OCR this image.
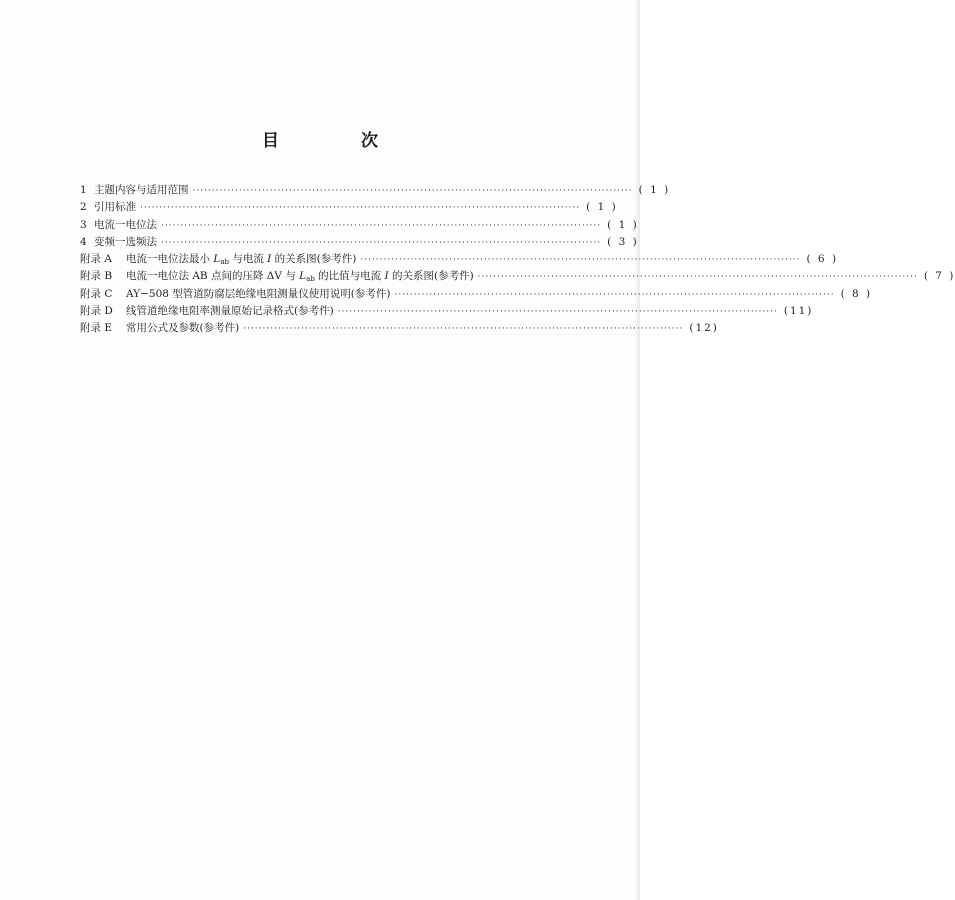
目 次
1 主题内容与适用范围 ·················································································································· ( 1 )
2 引用标准 ·················································································································· ( 1 )
3 电流一电位法 ·················································································································· ( 1 )
4 变频一选频法 ·················································································································· ( 3 )
附录 A	电流一电位法最小 $L_{ab}$ 与电流 I 的关系图(参考件) ·················································································································· ( 6 )
附录 B	电流一电位法 AB 点间的压降 ΔV 与 $L_{ab}$ 的比值与电流 I 的关系图(参考件) ·················································································································· ( 7 )
附录 C	AY−508 型管道防腐层绝缘电阻测量仪使用说明(参考件) ·················································································································· ( 8 )
附录 D	线管道绝缘电阻率测量原始记录格式(参考件) ·················································································································· (11)
附录 E	常用公式及参数(参考件) ·················································································································· (12)
